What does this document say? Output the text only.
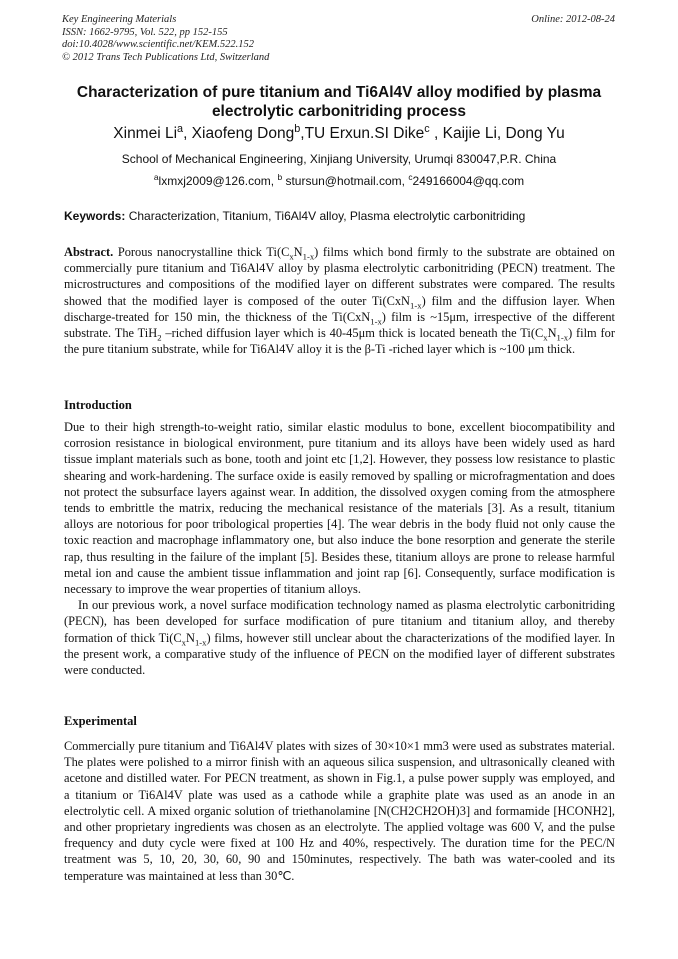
Key Engineering Materials
ISSN: 1662-9795, Vol. 522, pp 152-155
doi:10.4028/www.scientific.net/KEM.522.152
© 2012 Trans Tech Publications Ltd, Switzerland
Online: 2012-08-24
Characterization of pure titanium and Ti6Al4V alloy modified by plasma electrolytic carbonitriding process
Xinmei Li$^a$, Xiaofeng Dong$^b$,TU Erxun.SI Dike$^c$ , Kaijie Li, Dong Yu
School of Mechanical Engineering, Xinjiang University, Urumqi 830047,P.R. China
$^a$lxmxj2009@126.com, $^b$ stursun@hotmail.com, $^c$249166004@qq.com
Keywords: Characterization, Titanium, Ti6Al4V alloy, Plasma electrolytic carbonitriding

Abstract. Porous nanocrystalline thick $Ti(C_xN_{1-x})$ films which bond firmly to the substrate are obtained on commercially pure titanium and Ti6Al4V alloy by plasma electrolytic carbonitriding (PECN) treatment. The microstructures and compositions of the modified layer on different substrates were compared. The results showed that the modified layer is composed of the outer Ti(CxN$_{1-x}$) film and the diffusion layer. When discharge-treated for 150 min, the thickness of the Ti(CxN$_{1-x}$) film is ~15μm, irrespective of the different substrate. The TiH$_2$ –riched diffusion layer which is 40-45μm thick is located beneath the $Ti(C_xN_{1-x})$ film for the pure titanium substrate, while for Ti6Al4V alloy it is the β-Ti -riched layer which is ~100 μm thick.

Introduction

Due to their high strength-to-weight ratio, similar elastic modulus to bone, excellent biocompatibility and corrosion resistance in biological environment, pure titanium and its alloys have been widely used as hard tissue implant materials such as bone, tooth and joint etc [1,2]. However, they possess low resistance to plastic shearing and work-hardening. The surface oxide is easily removed by spalling or microfragmentation and does not protect the subsurface layers against wear. In addition, the dissolved oxygen coming from the atmosphere tends to embrittle the matrix, reducing the mechanical resistance of the materials [3]. As a result, titanium alloys are notorious for poor tribological properties [4]. The wear debris in the body fluid not only cause the toxic reaction and macrophage inflammatory one, but also induce the bone resorption and generate the sterile rap, thus resulting in the failure of the implant [5]. Besides these, titanium alloys are prone to release harmful metal ion and cause the ambient tissue inflammation and joint rap [6]. Consequently, surface modification is necessary to improve the wear properties of titanium alloys.

In our previous work, a novel surface modification technology named as plasma electrolytic carbonitriding (PECN), has been developed for surface modification of pure titanium and titanium alloy, and thereby formation of thick $Ti(C_xN_{1-x})$ films, however still unclear about the characterizations of the modified layer. In the present work, a comparative study of the influence of PECN on the modified layer of different substrates were conducted.

Experimental

Commercially pure titanium and Ti6Al4V plates with sizes of 30×10×1 mm3 were used as substrates material. The plates were polished to a mirror finish with an aqueous silica suspension, and ultrasonically cleaned with acetone and distilled water. For PECN treatment, as shown in Fig.1, a pulse power supply was employed, and a titanium or Ti6Al4V plate was used as a cathode while a graphite plate was used as an anode in an electrolytic cell. A mixed organic solution of triethanolamine [N(CH2CH2OH)3] and formamide [HCONH2], and other proprietary ingredients was chosen as an electrolyte. The applied voltage was 600 V, and the pulse frequency and duty cycle were fixed at 100 Hz and 40%, respectively. The duration time for the PEC/N treatment was 5, 10, 20, 30, 60, 90 and 150minutes, respectively. The bath was water-cooled and its temperature was maintained at less than 30℃.
